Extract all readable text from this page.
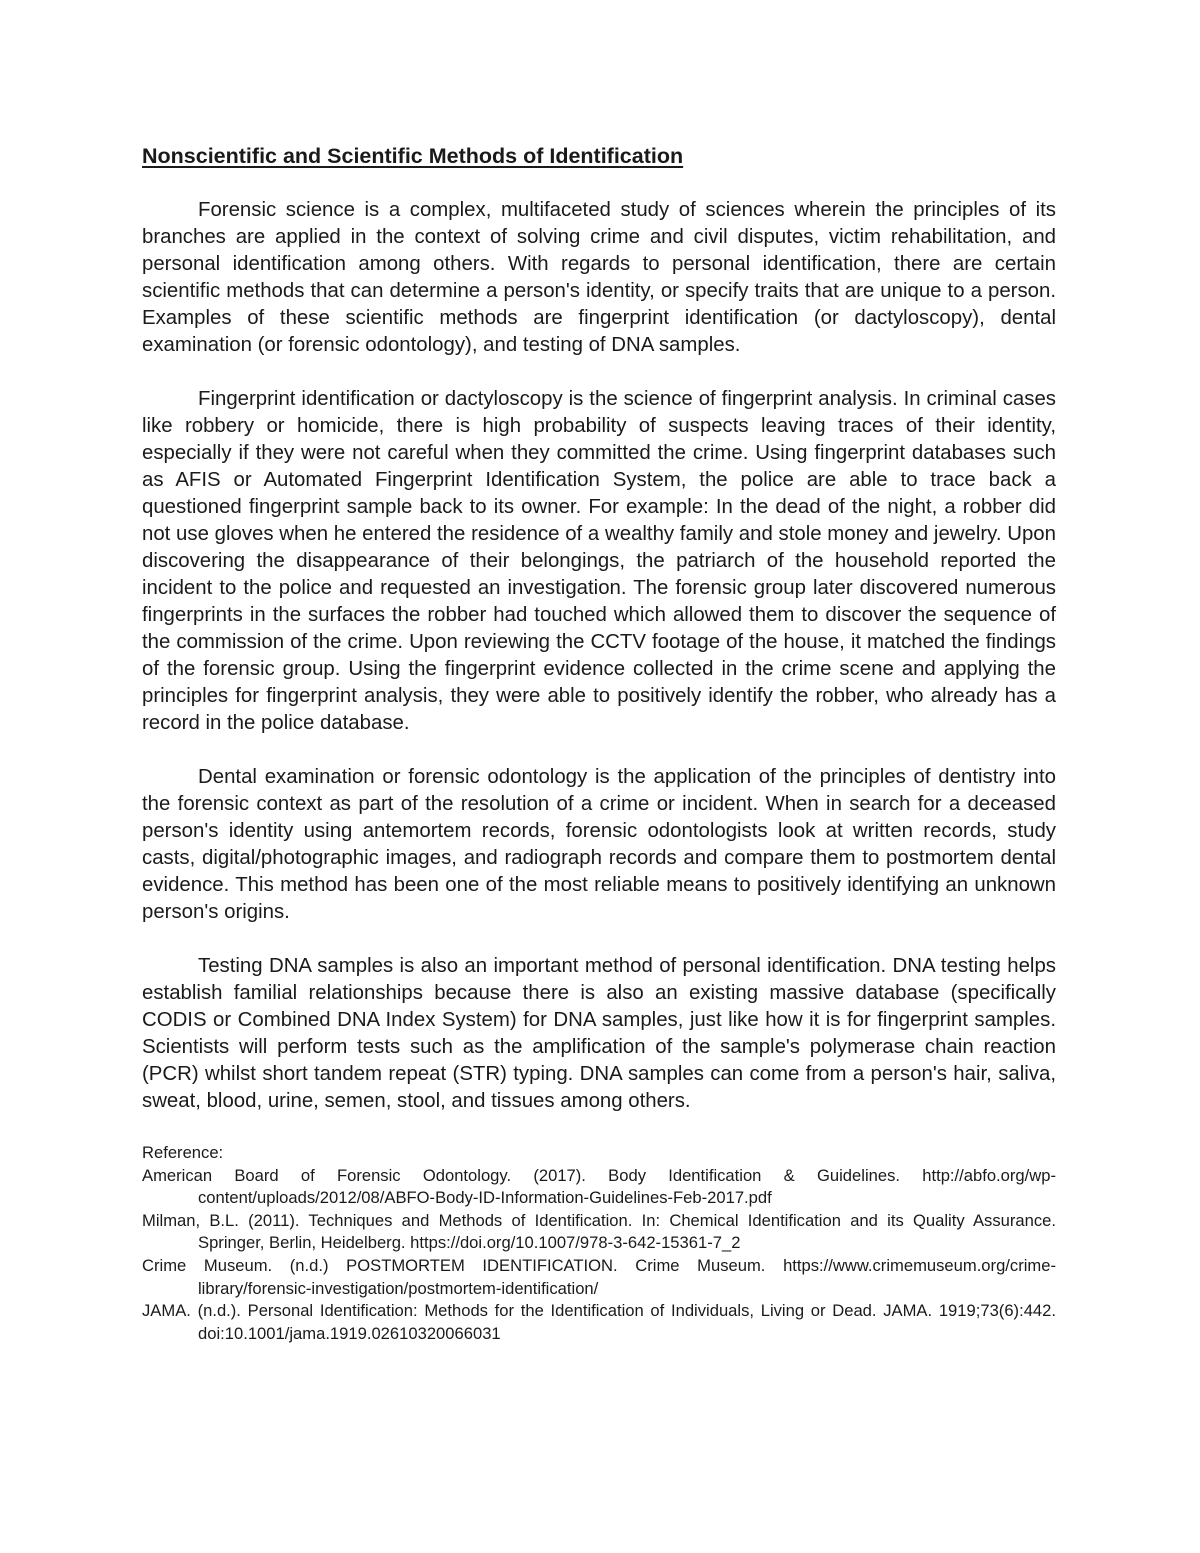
Nonscientific and Scientific Methods of Identification

Forensic science is a complex, multifaceted study of sciences wherein the principles of its branches are applied in the context of solving crime and civil disputes, victim rehabilitation, and personal identification among others. With regards to personal identification, there are certain scientific methods that can determine a person's identity, or specify traits that are unique to a person. Examples of these scientific methods are fingerprint identification (or dactyloscopy), dental examination (or forensic odontology), and testing of DNA samples.

Fingerprint identification or dactyloscopy is the science of fingerprint analysis. In criminal cases like robbery or homicide, there is high probability of suspects leaving traces of their identity, especially if they were not careful when they committed the crime. Using fingerprint databases such as AFIS or Automated Fingerprint Identification System, the police are able to trace back a questioned fingerprint sample back to its owner. For example: In the dead of the night, a robber did not use gloves when he entered the residence of a wealthy family and stole money and jewelry. Upon discovering the disappearance of their belongings, the patriarch of the household reported the incident to the police and requested an investigation. The forensic group later discovered numerous fingerprints in the surfaces the robber had touched which allowed them to discover the sequence of the commission of the crime. Upon reviewing the CCTV footage of the house, it matched the findings of the forensic group. Using the fingerprint evidence collected in the crime scene and applying the principles for fingerprint analysis, they were able to positively identify the robber, who already has a record in the police database.

Dental examination or forensic odontology is the application of the principles of dentistry into the forensic context as part of the resolution of a crime or incident. When in search for a deceased person's identity using antemortem records, forensic odontologists look at written records, study casts, digital/photographic images, and radiograph records and compare them to postmortem dental evidence. This method has been one of the most reliable means to positively identifying an unknown person's origins.

Testing DNA samples is also an important method of personal identification. DNA testing helps establish familial relationships because there is also an existing massive database (specifically CODIS or Combined DNA Index System) for DNA samples, just like how it is for fingerprint samples. Scientists will perform tests such as the amplification of the sample's polymerase chain reaction (PCR) whilst short tandem repeat (STR) typing. DNA samples can come from a person's hair, saliva, sweat, blood, urine, semen, stool, and tissues among others.

Reference:

American Board of Forensic Odontology. (2017). Body Identification & Guidelines. http://abfo.org/wp-content/uploads/2012/08/ABFO-Body-ID-Information-Guidelines-Feb-2017.pdf

Milman, B.L. (2011). Techniques and Methods of Identification. In: Chemical Identification and its Quality Assurance. Springer, Berlin, Heidelberg. https://doi.org/10.1007/978-3-642-15361-7_2

Crime Museum. (n.d.) POSTMORTEM IDENTIFICATION. Crime Museum. https://www.crimemuseum.org/crime-library/forensic-investigation/postmortem-identification/

JAMA. (n.d.). Personal Identification: Methods for the Identification of Individuals, Living or Dead. JAMA. 1919;73(6):442. doi:10.1001/jama.1919.02610320066031
